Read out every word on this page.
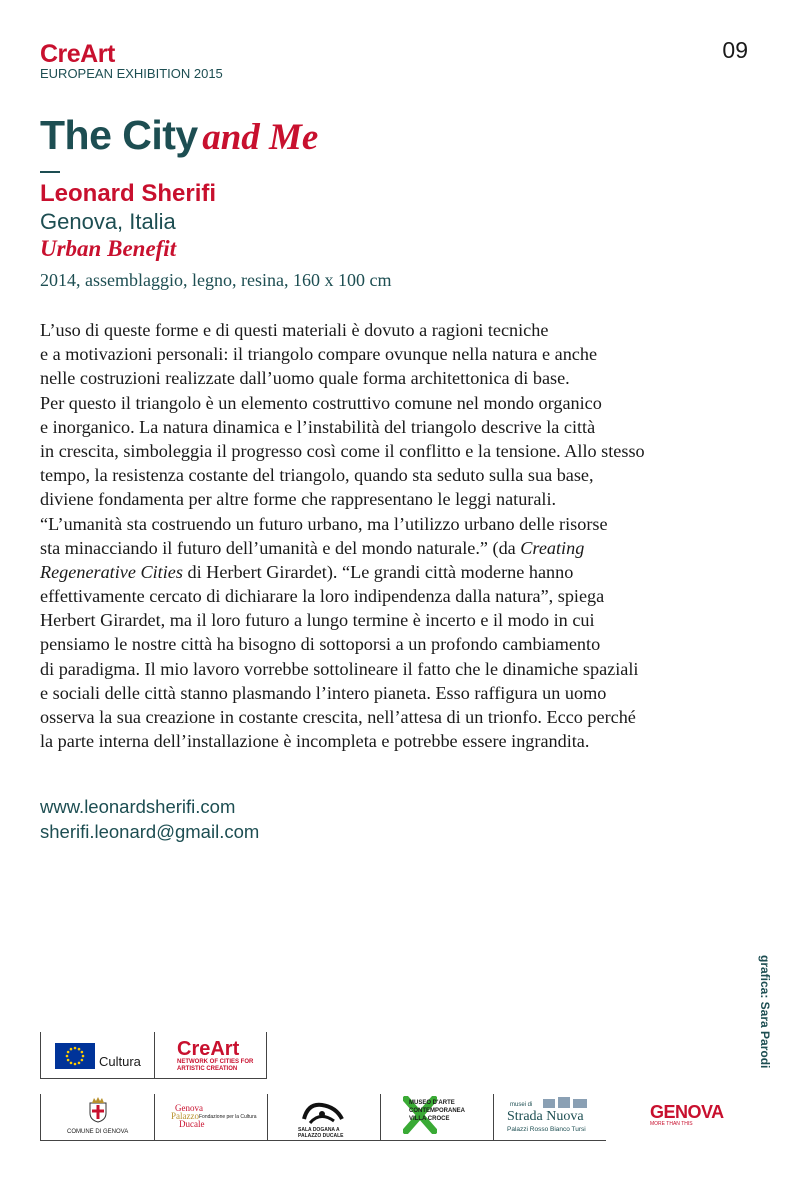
CreArt
EUROPEAN EXHIBITION 2015
09
The City and Me
Leonard Sherifi
Genova, Italia
Urban Benefit
2014, assemblaggio, legno, resina, 160 x 100 cm
L’uso di queste forme e di questi materiali è dovuto a ragioni tecniche
e a motivazioni personali: il triangolo compare ovunque nella natura e anche
nelle costruzioni realizzate dall’uomo quale forma architettonica di base.
Per questo il triangolo è un elemento costruttivo comune nel mondo organico
e inorganico. La natura dinamica e l’instabilità del triangolo descrive la città
in crescita, simboleggia il progresso così come il conflitto e la tensione. Allo stesso
tempo, la resistenza costante del triangolo, quando sta seduto sulla sua base,
diviene fondamenta per altre forme che rappresentano le leggi naturali.
“L’umanità sta costruendo un futuro urbano, ma l’utilizzo urbano delle risorse
sta minacciando il futuro dell’umanità e del mondo naturale.” (da Creating
Regenerative Cities di Herbert Girardet). “Le grandi città moderne hanno
effettivamente cercato di dichiarare la loro indipendenza dalla natura”, spiega
Herbert Girardet, ma il loro futuro a lungo termine è incerto e il modo in cui
pensiamo le nostre città ha bisogno di sottoporsi a un profondo cambiamento
di paradigma. Il mio lavoro vorrebbe sottolineare il fatto che le dinamiche spaziali
e sociali delle città stanno plasmando l’intero pianeta. Esso raffigura un uomo
osserva la sua creazione in costante crescita, nell’attesa di un trionfo. Ecco perché
la parte interna dell’installazione è incompleta e potrebbe essere ingrandita.
www.leonardsherifi.com
sherifi.leonard@gmail.com
grafica: Sara Parodi
Cultura
CreArt
NETWORK OF CITIES FOR ARTISTIC CREATION
COMUNE DI GENOVA
Genova
Palazzo
Ducale
Fondazione per la Cultura
SALA DOGANA A PALAZZO DUCALE
MUSEO D'ARTE
CONTEMPORANEA
VILLA CROCE
musei di
Strada Nuova
Palazzi Rosso Bianco Tursi
GENOVA
MORE THAN THIS
